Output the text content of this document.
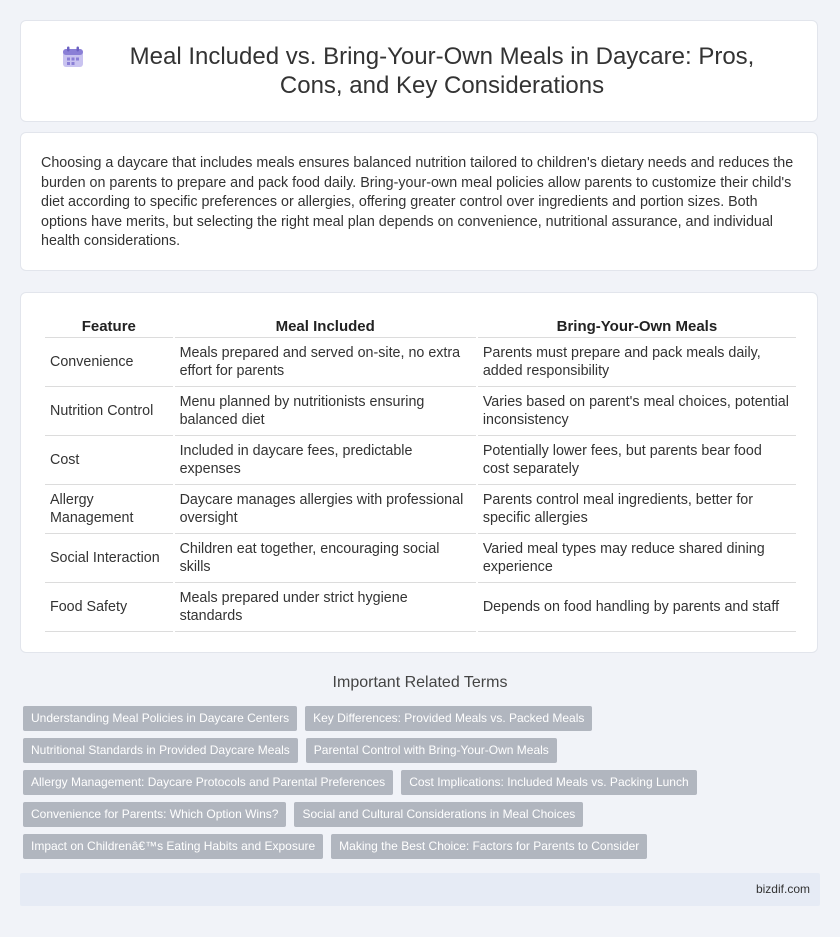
Meal Included vs. Bring-Your-Own Meals in Daycare: Pros, Cons, and Key Considerations

Choosing a daycare that includes meals ensures balanced nutrition tailored to children's dietary needs and reduces the burden on parents to prepare and pack food daily. Bring-your-own meal policies allow parents to customize their child's diet according to specific preferences or allergies, offering greater control over ingredients and portion sizes. Both options have merits, but selecting the right meal plan depends on convenience, nutritional assurance, and individual health considerations.

Feature	Meal Included	Bring-Your-Own Meals
Convenience	Meals prepared and served on-site, no extra effort for parents	Parents must prepare and pack meals daily, added responsibility
Nutrition Control	Menu planned by nutritionists ensuring balanced diet	Varies based on parent's meal choices, potential inconsistency
Cost	Included in daycare fees, predictable expenses	Potentially lower fees, but parents bear food cost separately
Allergy Management	Daycare manages allergies with professional oversight	Parents control meal ingredients, better for specific allergies
Social Interaction	Children eat together, encouraging social skills	Varied meal types may reduce shared dining experience
Food Safety	Meals prepared under strict hygiene standards	Depends on food handling by parents and staff
Important Related Terms
Understanding Meal Policies in Daycare Centers	Key Differences: Provided Meals vs. Packed Meals
Nutritional Standards in Provided Daycare Meals	Parental Control with Bring-Your-Own Meals
Allergy Management: Daycare Protocols and Parental Preferences	Cost Implications: Included Meals vs. Packing Lunch
Convenience for Parents: Which Option Wins?	Social and Cultural Considerations in Meal Choices
Impact on Childrenâ€™s Eating Habits and Exposure	Making the Best Choice: Factors for Parents to Consider
bizdif.com
